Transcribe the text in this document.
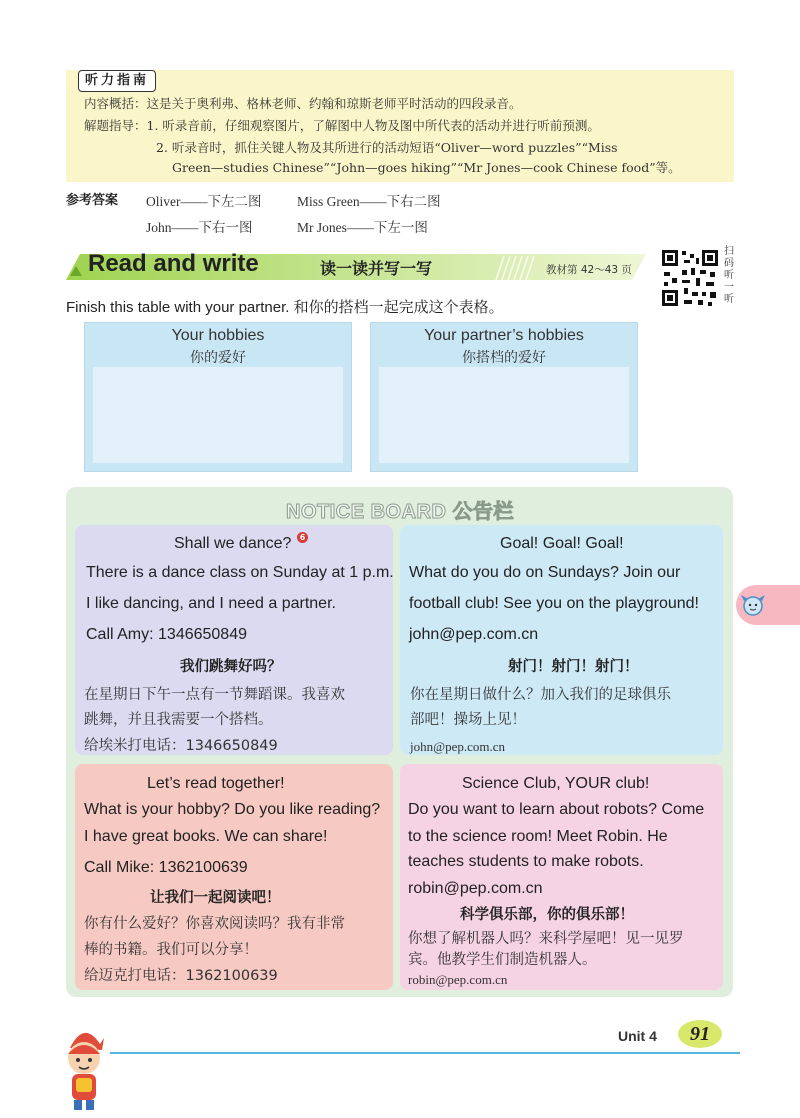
听力指南
内容概括：这是关于奥利弗、格林老师、约翰和琼斯老师平时活动的四段录音。
解题指导：1. 听录音前，仔细观察图片，了解图中人物及图中所代表的活动并进行听前预测。
2. 听录音时，抓住关键人物及其所进行的活动短语“Oliver—word puzzles”“Miss
Green—studies Chinese”“John—goes hiking”“Mr Jones—cook Chinese food”等。
参考答案 Oliver——下左二图	Miss Green——下右二图
John——下右一图	Mr Jones——下左一图
Read and write	读一读并写一写	教材第 42～43 页
扫码听一听
Finish this table with your partner. 和你的搭档一起完成这个表格。
Your hobbies
你的爱好
Your partner’s hobbies
你搭档的爱好
NOTICE BOARD 公告栏
Shall we dance?	6
There is a dance class on Sunday at 1 p.m.
I like dancing, and I need a partner.
Call Amy: 1346650849
我们跳舞好吗？
在星期日下午一点有一节舞蹈课。我喜欢
跳舞，并且我需要一个搭档。
给埃米打电话：1346650849
Goal! Goal! Goal!
What do you do on Sundays? Join our
football club! See you on the playground!
john@pep.com.cn
射门！射门！射门！
你在星期日做什么？加入我们的足球俱乐
部吧！操场上见！
john@pep.com.cn
Let’s read together!
What is your hobby? Do you like reading?
I have great books. We can share!
Call Mike: 1362100639
让我们一起阅读吧！
你有什么爱好？你喜欢阅读吗？我有非常
棒的书籍。我们可以分享！
给迈克打电话：1362100639
Science Club, YOUR club!
Do you want to learn about robots? Come
to the science room! Meet Robin. He
teaches students to make robots.
robin@pep.com.cn
科学俱乐部，你的俱乐部！
你想了解机器人吗？来科学屋吧！见一见罗
宾。他教学生们制造机器人。
robin@pep.com.cn
Unit 4	91
